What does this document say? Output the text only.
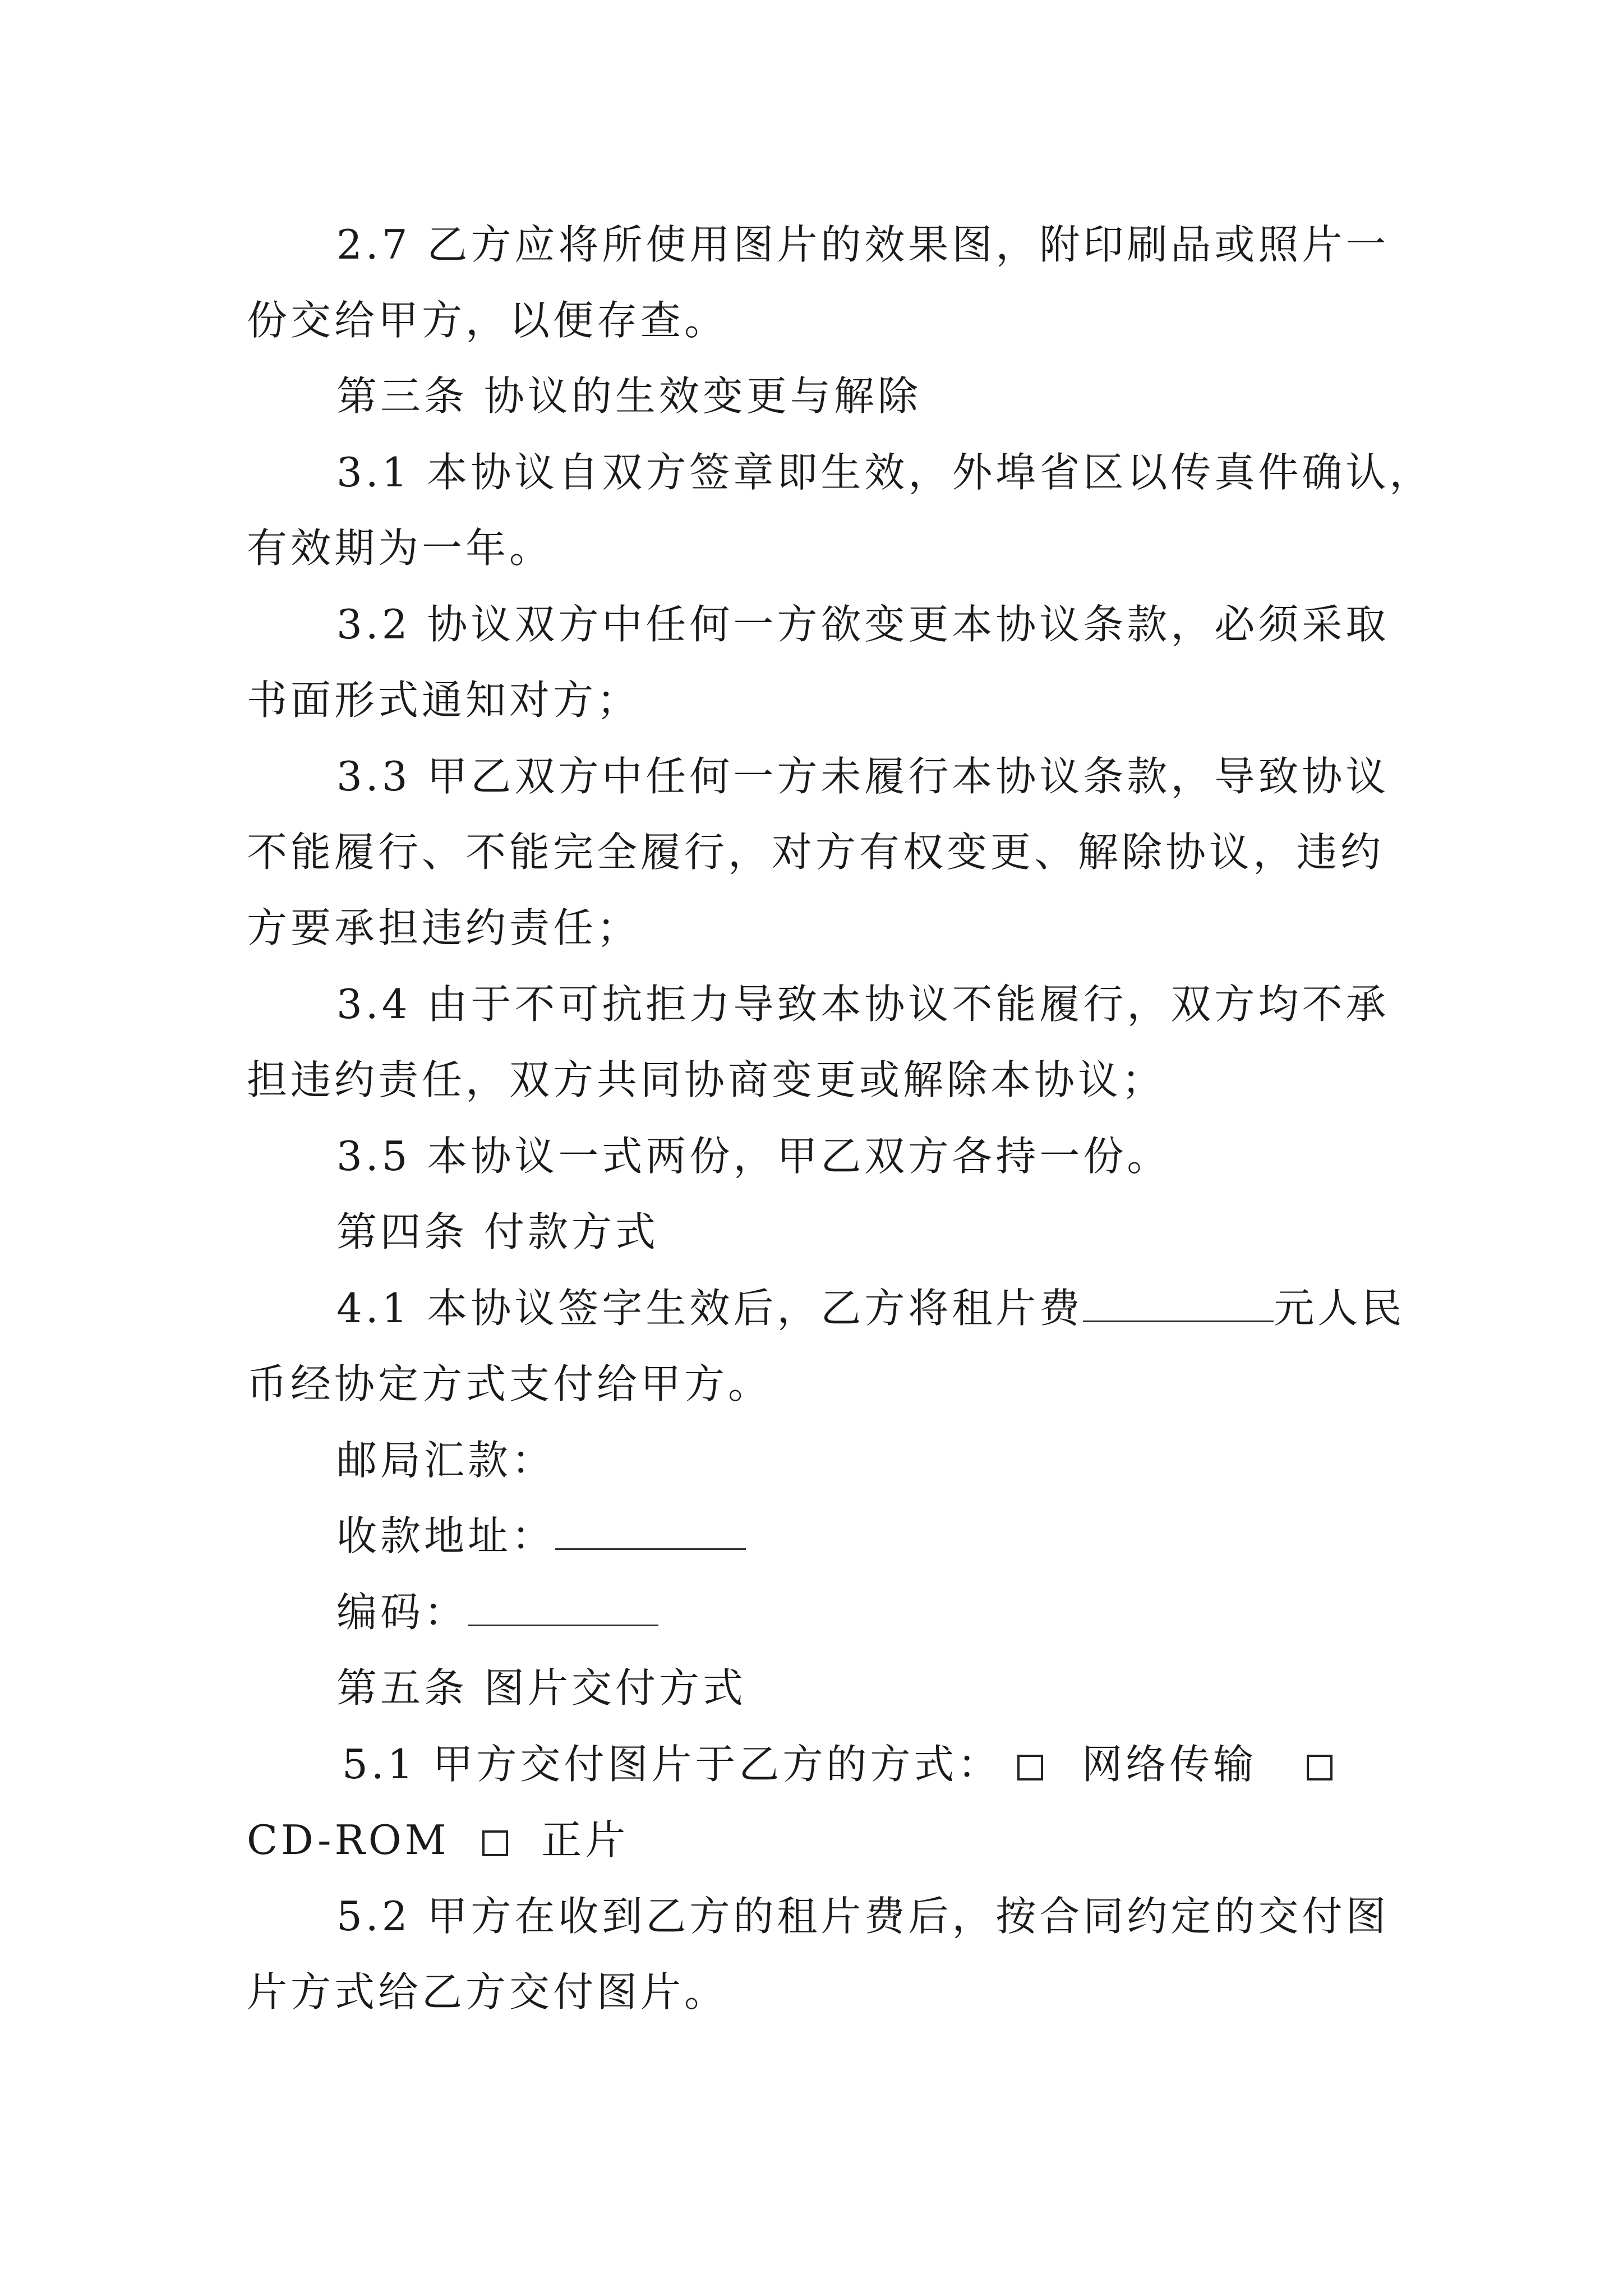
2.7 乙方应将所使用图片的效果图，附印刷品或照片一
份交给甲方，以便存查。
第三条 协议的生效变更与解除
3.1 本协议自双方签章即生效，外埠省区以传真件确认，
有效期为一年。
3.2 协议双方中任何一方欲变更本协议条款，必须采取
书面形式通知对方；
3.3 甲乙双方中任何一方未履行本协议条款，导致协议
不能履行、不能完全履行，对方有权变更、解除协议，违约
方要承担违约责任；
3.4 由于不可抗拒力导致本协议不能履行，双方均不承
担违约责任，双方共同协商变更或解除本协议；
3.5 本协议一式两份，甲乙双方各持一份。
第四条 付款方式
4.1 本协议签字生效后，乙方将租片费	元人民
币经协定方式支付给甲方。
邮局汇款：
收款地址：
编码：
第五条 图片交付方式
5.1 甲方交付图片于乙方的方式： 网络传输
CD-ROM 正片
5.2 甲方在收到乙方的租片费后，按合同约定的交付图
片方式给乙方交付图片。
